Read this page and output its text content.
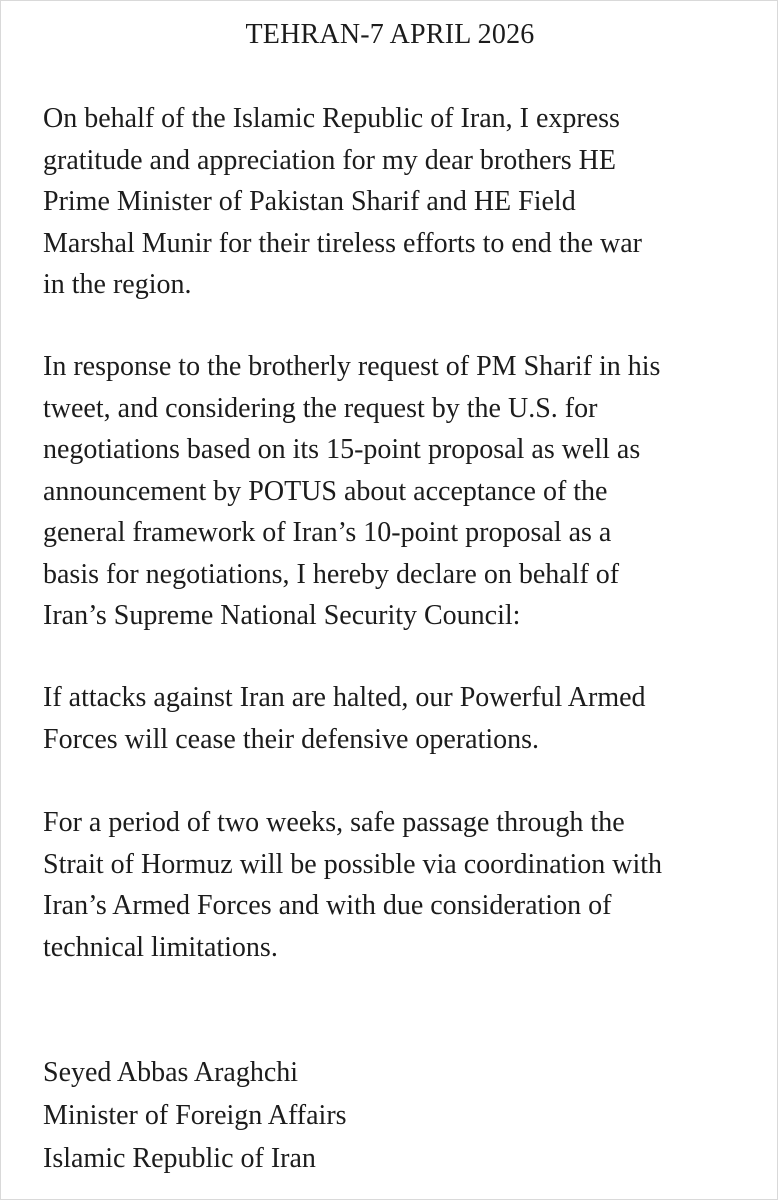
TEHRAN-7 APRIL 2026

On behalf of the Islamic Republic of Iran, I express
gratitude and appreciation for my dear brothers HE
Prime Minister of Pakistan Sharif and HE Field
Marshal Munir for their tireless efforts to end the war
in the region.

In response to the brotherly request of PM Sharif in his
tweet, and considering the request by the U.S. for
negotiations based on its 15-point proposal as well as
announcement by POTUS about acceptance of the
general framework of Iran’s 10-point proposal as a
basis for negotiations, I hereby declare on behalf of
Iran’s Supreme National Security Council:

If attacks against Iran are halted, our Powerful Armed
Forces will cease their defensive operations.

For a period of two weeks, safe passage through the
Strait of Hormuz will be possible via coordination with
Iran’s Armed Forces and with due consideration of
technical limitations.

Seyed Abbas Araghchi
Minister of Foreign Affairs
Islamic Republic of Iran
